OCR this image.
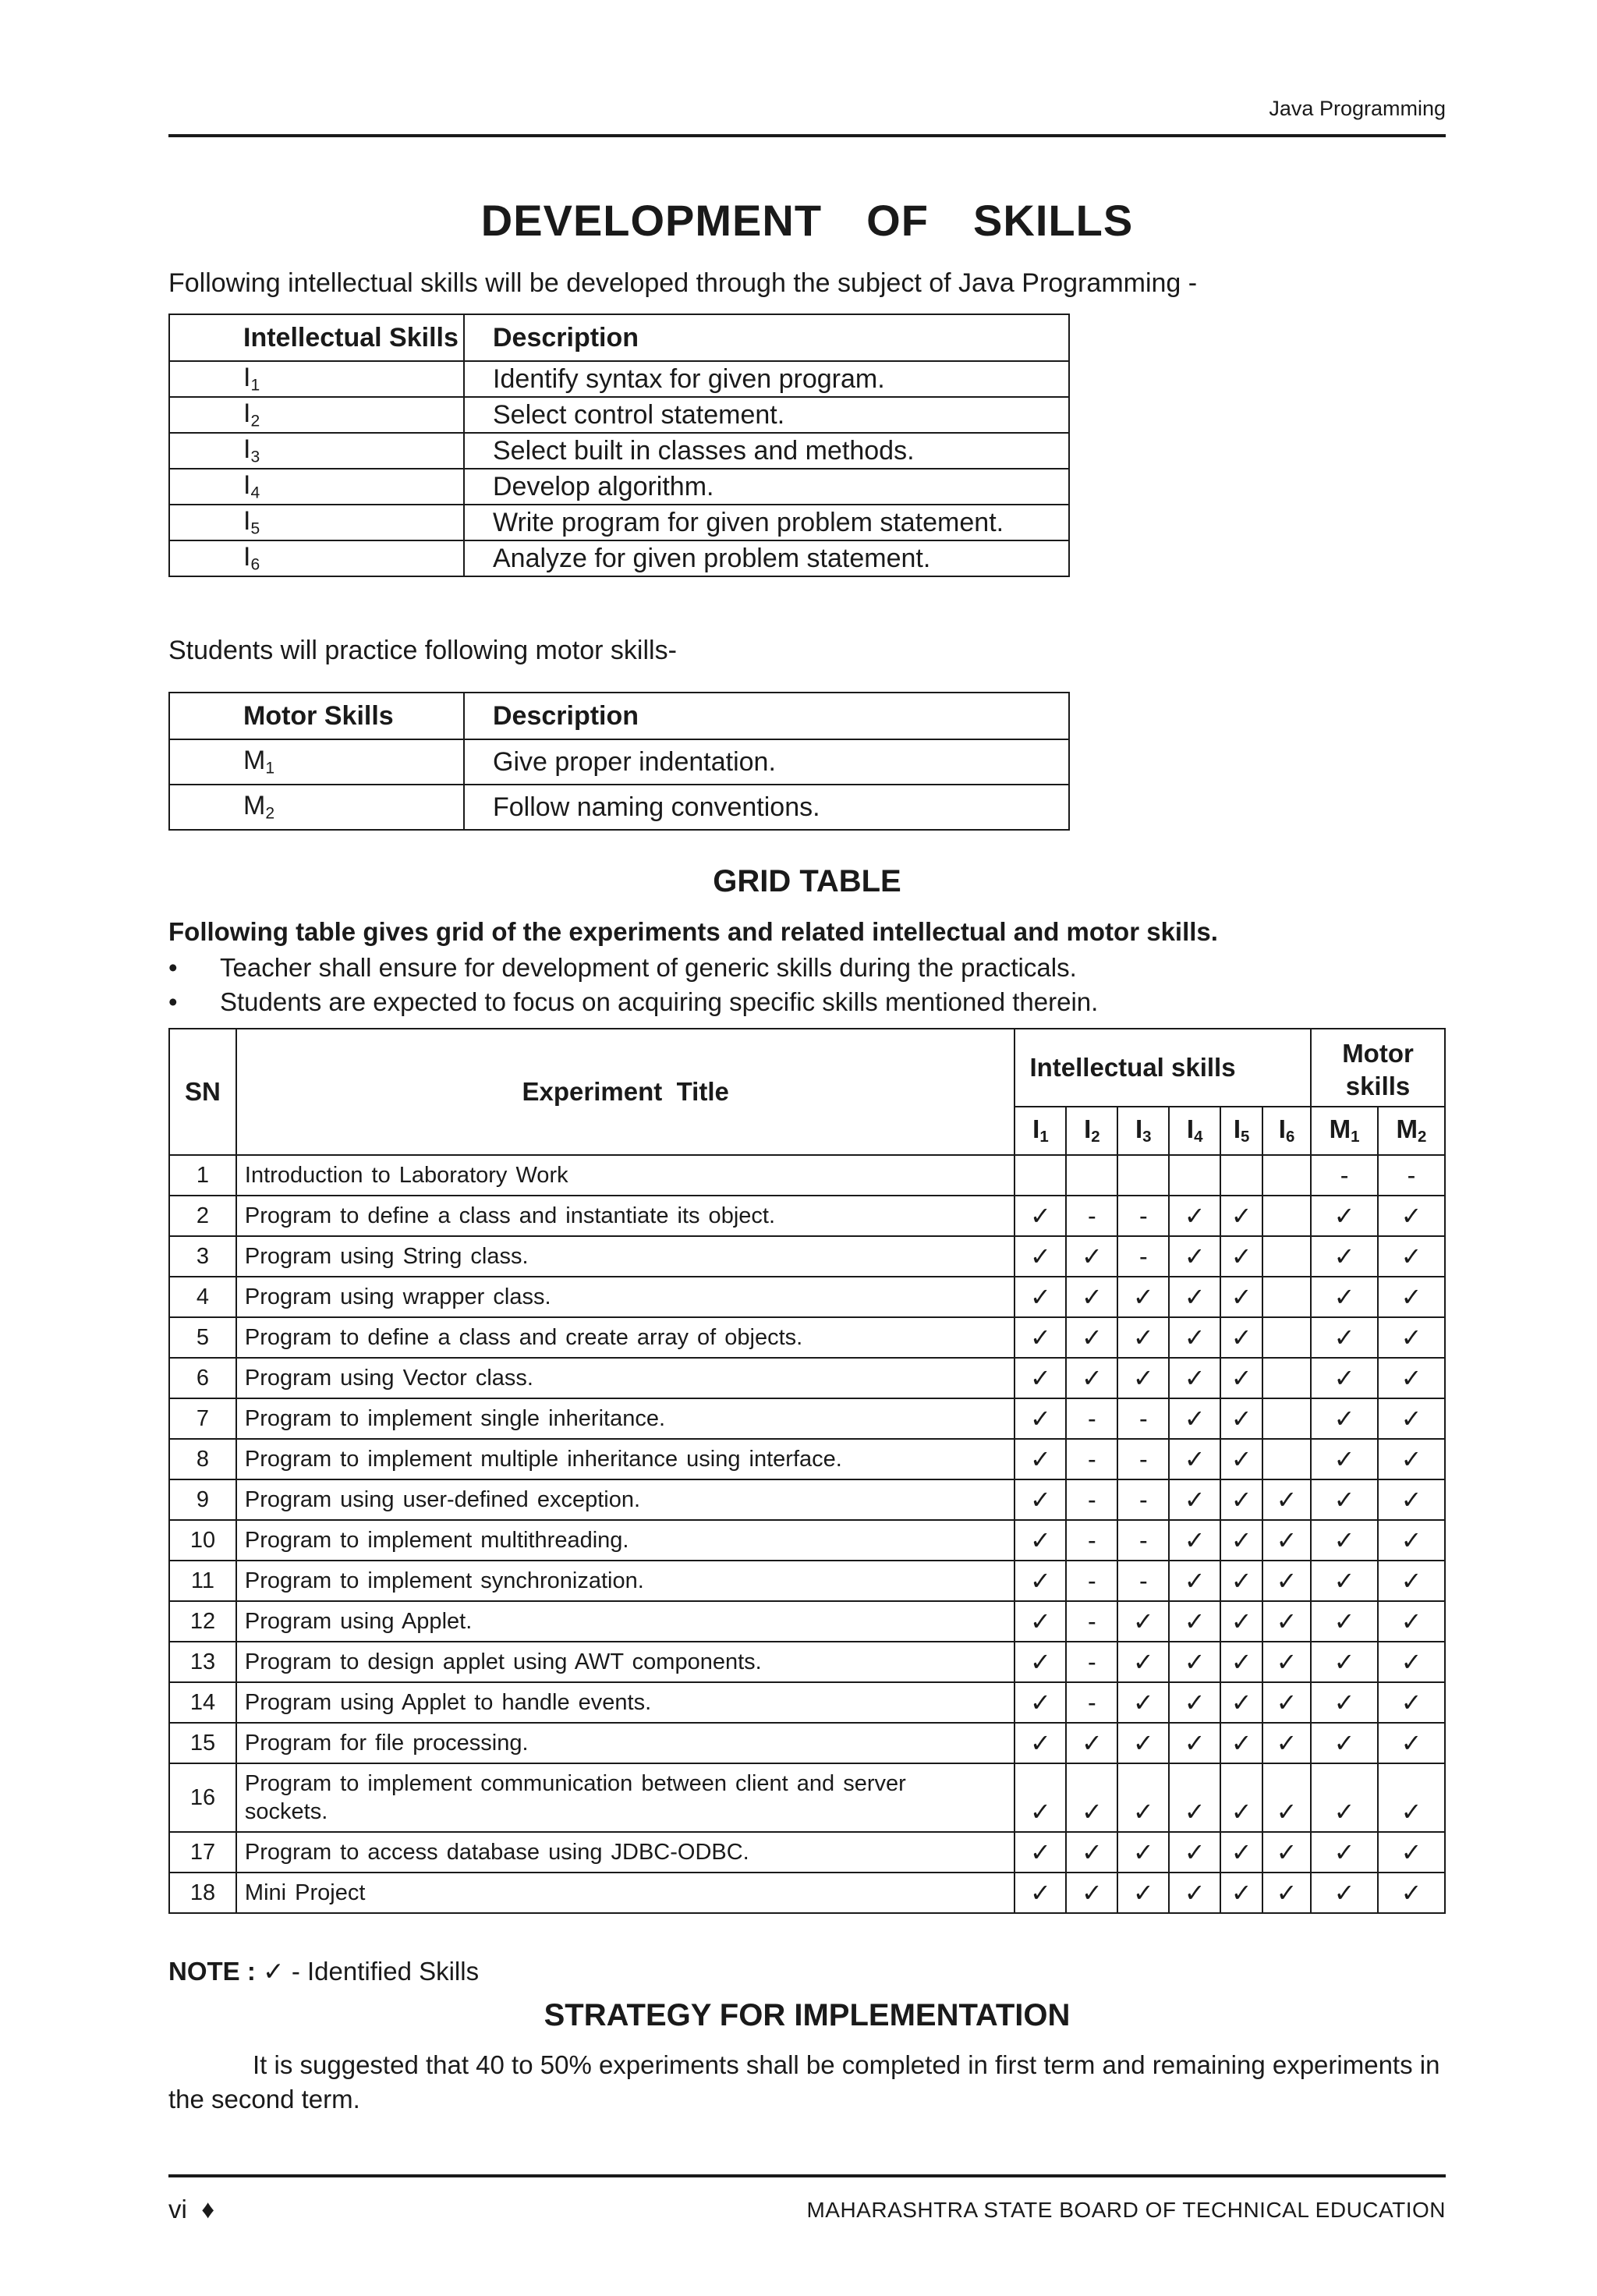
Java Programming
DEVELOPMENT  OF  SKILLS
Following intellectual skills will be developed through the subject of Java Programming -
Intellectual Skills	Description
$I_1$	Identify syntax for given program.
$I_2$	Select control statement.
$I_3$	Select built in classes and methods.
$I_4$	Develop algorithm.
$I_5$	Write program for given problem statement.
$I_6$	Analyze for given problem statement.
Students will practice following motor skills-
Motor Skills	Description
$M_1$	Give proper indentation.
$M_2$	Follow naming conventions.
GRID TABLE
Following table gives grid of the experiments and related intellectual and motor skills.
• Teacher shall ensure for development of generic skills during the practicals.
• Students are expected to focus on acquiring specific skills mentioned therein.
SN	Experiment  Title	Intellectual skills						Motor skills	
		$I_1$	$I_2$	$I_3$	$I_4$	$I_5$	$I_6$	$M_1$	$M_2$
1	Introduction to Laboratory Work							-	-
2	Program to define a class and instantiate its object.	✓	-	-	✓	✓		✓	✓
3	Program using String class.	✓	✓	-	✓	✓		✓	✓
4	Program using wrapper class.	✓	✓	✓	✓	✓		✓	✓
5	Program to define a class and create array of objects.	✓	✓	✓	✓	✓		✓	✓
6	Program using Vector class.	✓	✓	✓	✓	✓		✓	✓
7	Program to implement single inheritance.	✓	-	-	✓	✓		✓	✓
8	Program to implement multiple inheritance using interface.	✓	-	-	✓	✓		✓	✓
9	Program using user-defined exception.	✓	-	-	✓	✓	✓	✓	✓
10	Program to implement multithreading.	✓	-	-	✓	✓	✓	✓	✓
11	Program to implement synchronization.	✓	-	-	✓	✓	✓	✓	✓
12	Program using Applet.	✓	-	✓	✓	✓	✓	✓	✓
13	Program to design applet using AWT components.	✓	-	✓	✓	✓	✓	✓	✓
14	Program using Applet to handle events.	✓	-	✓	✓	✓	✓	✓	✓
15	Program for file processing.	✓	✓	✓	✓	✓	✓	✓	✓
16	Program to implement communication between client and server sockets.	✓	✓	✓	✓	✓	✓	✓	✓
17	Program to access database using JDBC-ODBC.	✓	✓	✓	✓	✓	✓	✓	✓
18	Mini Project	✓	✓	✓	✓	✓	✓	✓	✓
NOTE : ✓ - Identified Skills
STRATEGY FOR IMPLEMENTATION
It is suggested that 40 to 50% experiments shall be completed in first term and remaining experiments in the second term.
vi ♦	MAHARASHTRA STATE BOARD OF TECHNICAL EDUCATION
